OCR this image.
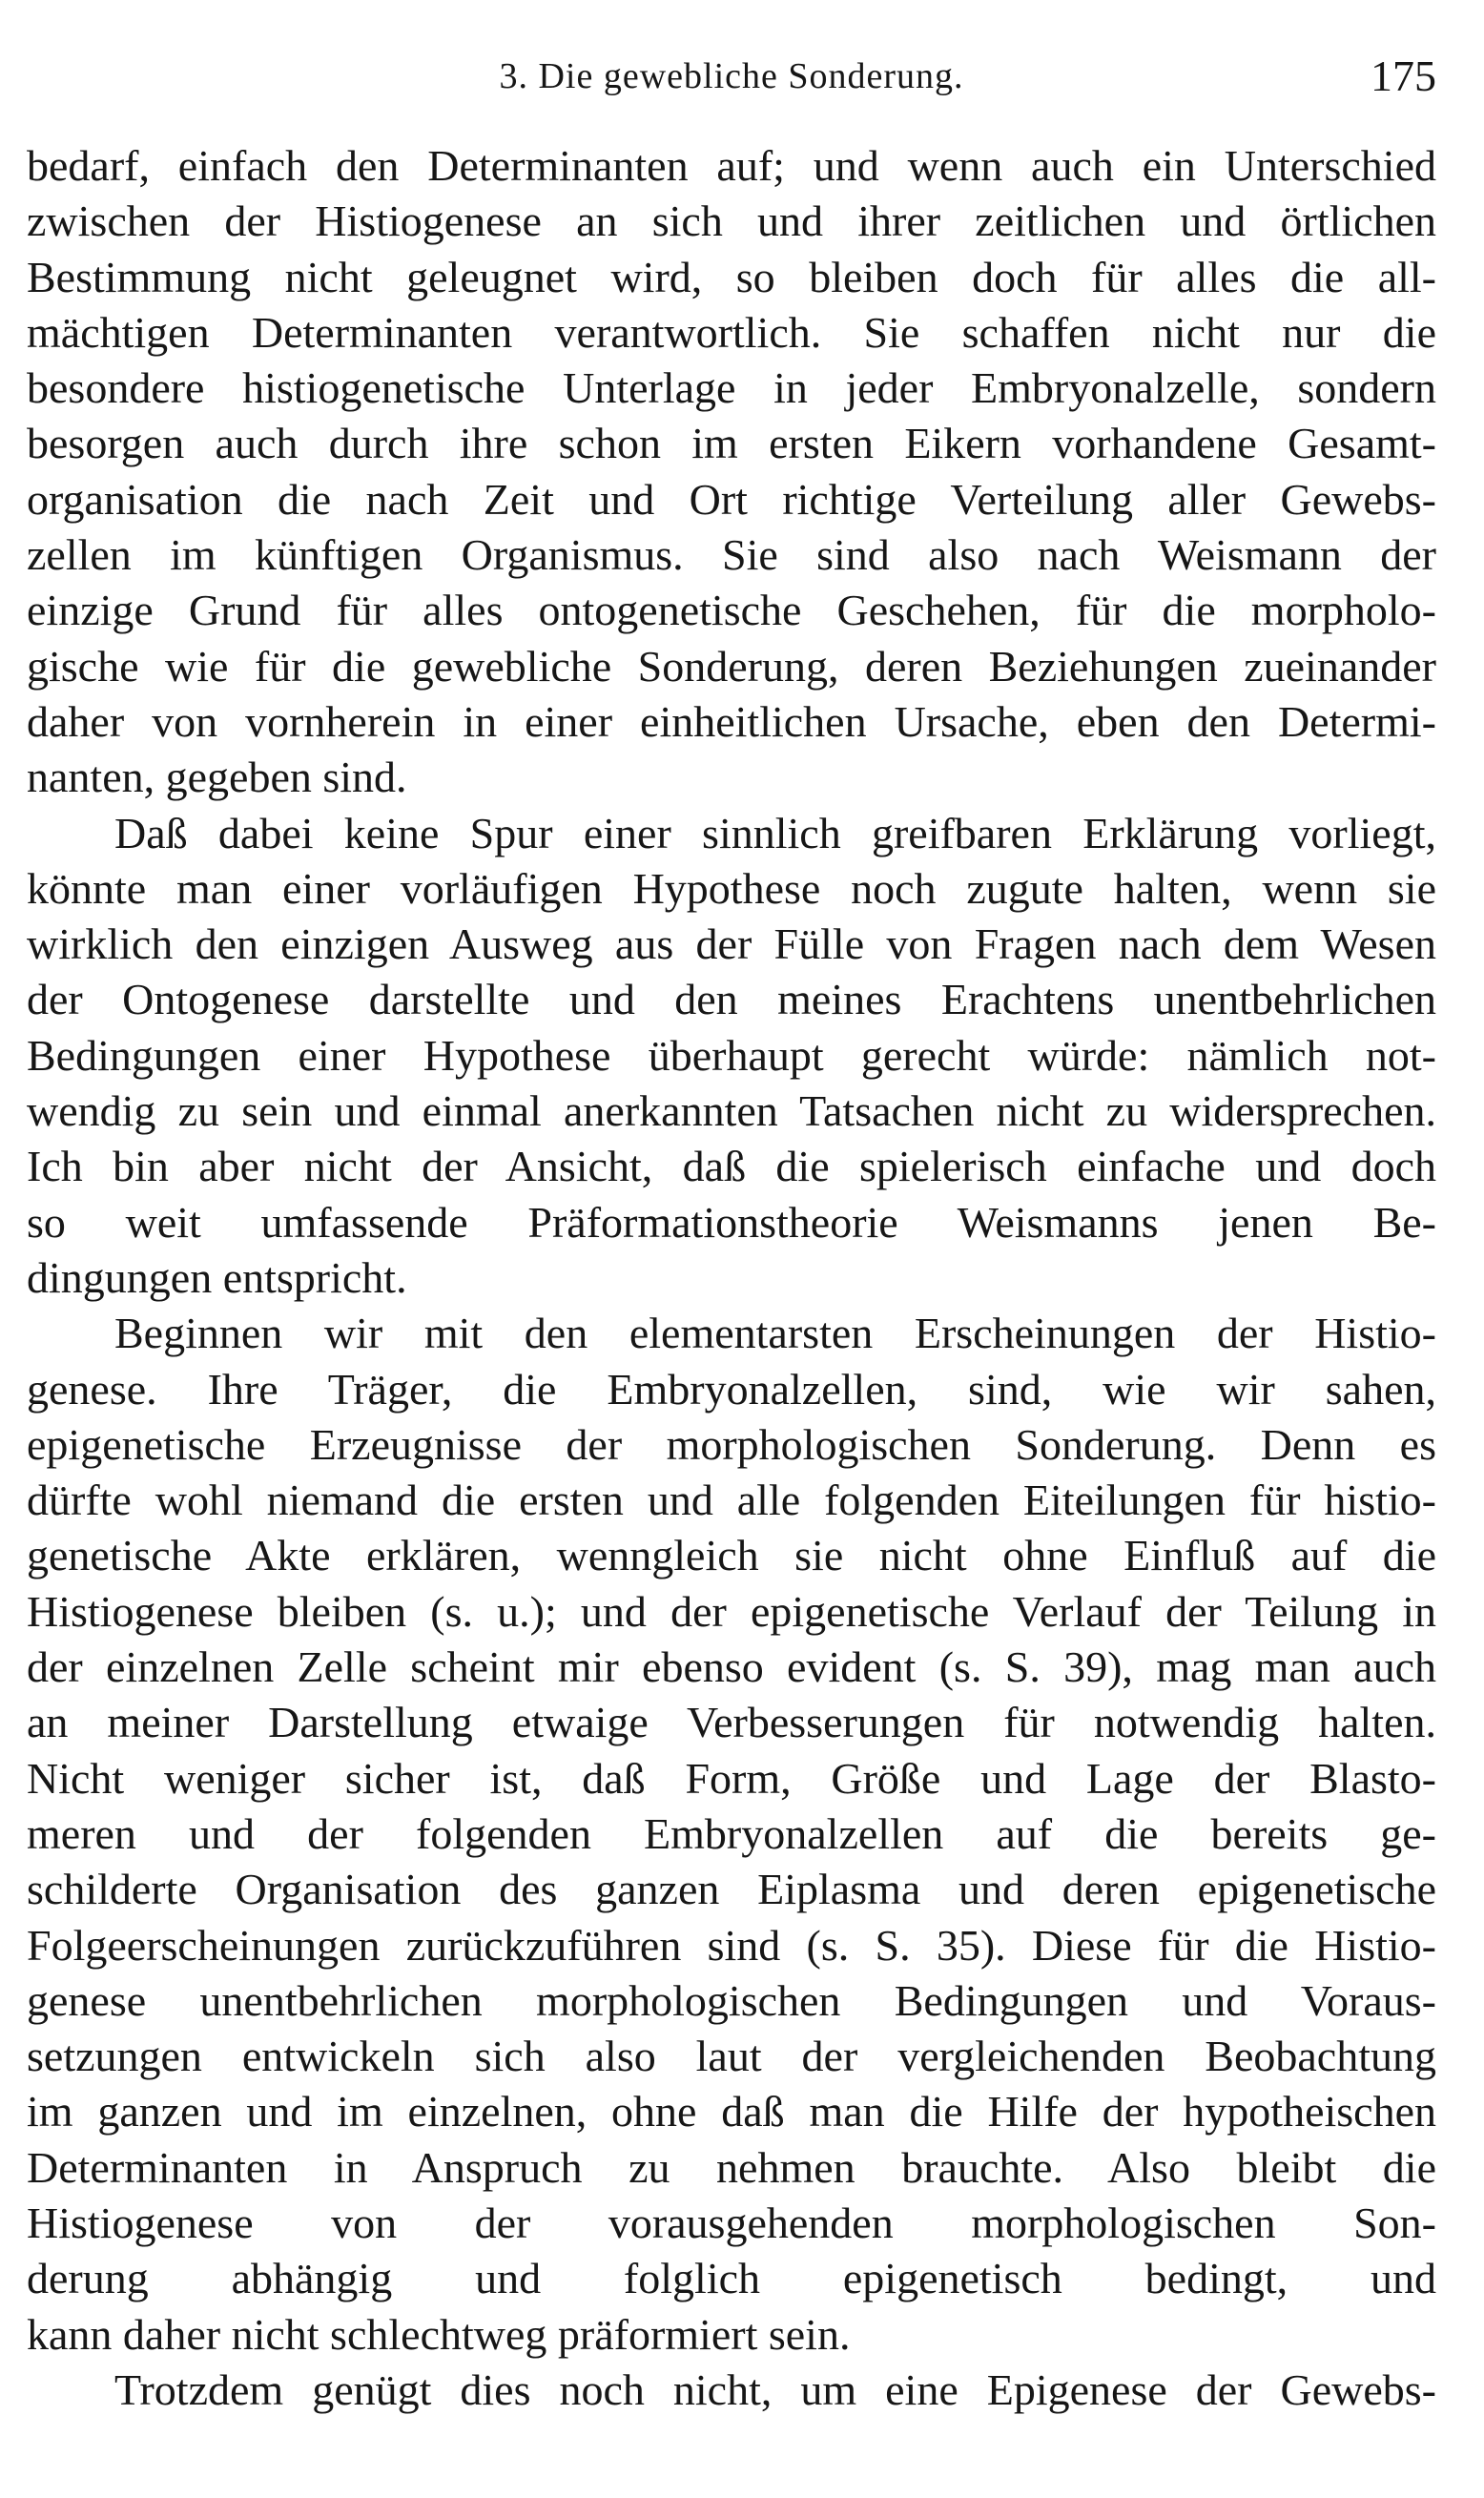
3. Die gewebliche Sonderung.	175
bedarf, einfach den Determinanten auf; und wenn auch ein Unterschied
zwischen der Histiogenese an sich und ihrer zeitlichen und örtlichen
Bestimmung nicht geleugnet wird, so bleiben doch für alles die all-
mächtigen Determinanten verantwortlich. Sie schaffen nicht nur die
besondere histiogenetische Unterlage in jeder Embryonalzelle, sondern
besorgen auch durch ihre schon im ersten Eikern vorhandene Gesamt-
organisation die nach Zeit und Ort richtige Verteilung aller Gewebs-
zellen im künftigen Organismus. Sie sind also nach Weismann der
einzige Grund für alles ontogenetische Geschehen, für die morpholo-
gische wie für die gewebliche Sonderung, deren Beziehungen zueinander
daher von vornherein in einer einheitlichen Ursache, eben den Determi-
nanten, gegeben sind.
Daß dabei keine Spur einer sinnlich greifbaren Erklärung vorliegt,
könnte man einer vorläufigen Hypothese noch zugute halten, wenn sie
wirklich den einzigen Ausweg aus der Fülle von Fragen nach dem Wesen
der Ontogenese darstellte und den meines Erachtens unentbehrlichen
Bedingungen einer Hypothese überhaupt gerecht würde: nämlich not-
wendig zu sein und einmal anerkannten Tatsachen nicht zu widersprechen.
Ich bin aber nicht der Ansicht, daß die spielerisch einfache und doch
so weit umfassende Präformationstheorie Weismanns jenen Be-
dingungen entspricht.
Beginnen wir mit den elementarsten Erscheinungen der Histio-
genese. Ihre Träger, die Embryonalzellen, sind, wie wir sahen,
epigenetische Erzeugnisse der morphologischen Sonderung. Denn es
dürfte wohl niemand die ersten und alle folgenden Eiteilungen für histio-
genetische Akte erklären, wenngleich sie nicht ohne Einfluß auf die
Histiogenese bleiben (s. u.); und der epigenetische Verlauf der Teilung in
der einzelnen Zelle scheint mir ebenso evident (s. S. 39), mag man auch
an meiner Darstellung etwaige Verbesserungen für notwendig halten.
Nicht weniger sicher ist, daß Form, Größe und Lage der Blasto-
meren und der folgenden Embryonalzellen auf die bereits ge-
schilderte Organisation des ganzen Eiplasma und deren epigenetische
Folgeerscheinungen zurückzuführen sind (s. S. 35). Diese für die Histio-
genese unentbehrlichen morphologischen Bedingungen und Voraus-
setzungen entwickeln sich also laut der vergleichenden Beobachtung
im ganzen und im einzelnen, ohne daß man die Hilfe der hypotheischen
Determinanten in Anspruch zu nehmen brauchte. Also bleibt die
Histiogenese von der vorausgehenden morphologischen Son-
derung abhängig und folglich epigenetisch bedingt, und
kann daher nicht schlechtweg präformiert sein.
Trotzdem genügt dies noch nicht, um eine Epigenese der Gewebs-
